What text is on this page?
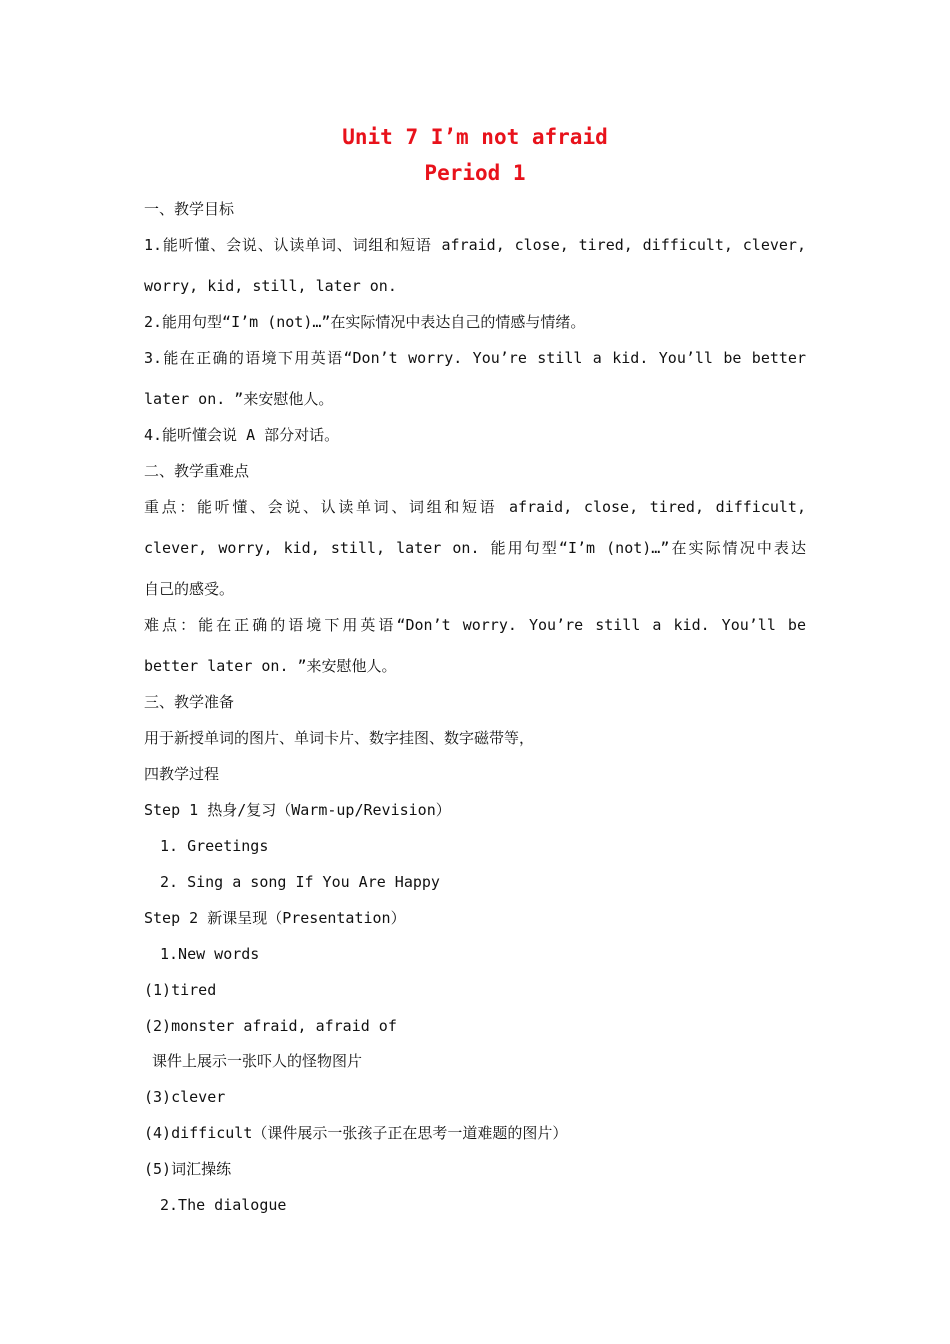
Unit 7 I’m not afraid
Period 1
一、教学目标
1.能听懂、会说、认读单词、词组和短语 afraid, close, tired, difficult, clever,
worry, kid, still, later on.
2.能用句型“I’m (not)…”在实际情况中表达自己的情感与情绪。
3.能在正确的语境下用英语“Don’t worry. You’re still a kid. You’ll be better
later on. ”来安慰他人。
4.能听懂会说 A 部分对话。
二、教学重难点
重点：能听懂、会说、认读单词、词组和短语 afraid, close, tired, difficult,
clever, worry, kid, still, later on. 能用句型“I’m (not)…”在实际情况中表达
自己的感受。
难点：能在正确的语境下用英语“Don’t worry. You’re still a kid. You’ll be
better later on. ”来安慰他人。
三、教学准备
用于新授单词的图片、单词卡片、数字挂图、数字磁带等，
四教学过程
Step 1 热身/复习（Warm-up/Revision）
1. Greetings
2. Sing a song If You Are Happy
Step 2 新课呈现（Presentation）
1.New words
(1)tired
(2)monster afraid, afraid of
课件上展示一张吓人的怪物图片
(3)clever
(4)difficult（课件展示一张孩子正在思考一道难题的图片）
(5)词汇操练
2.The dialogue
